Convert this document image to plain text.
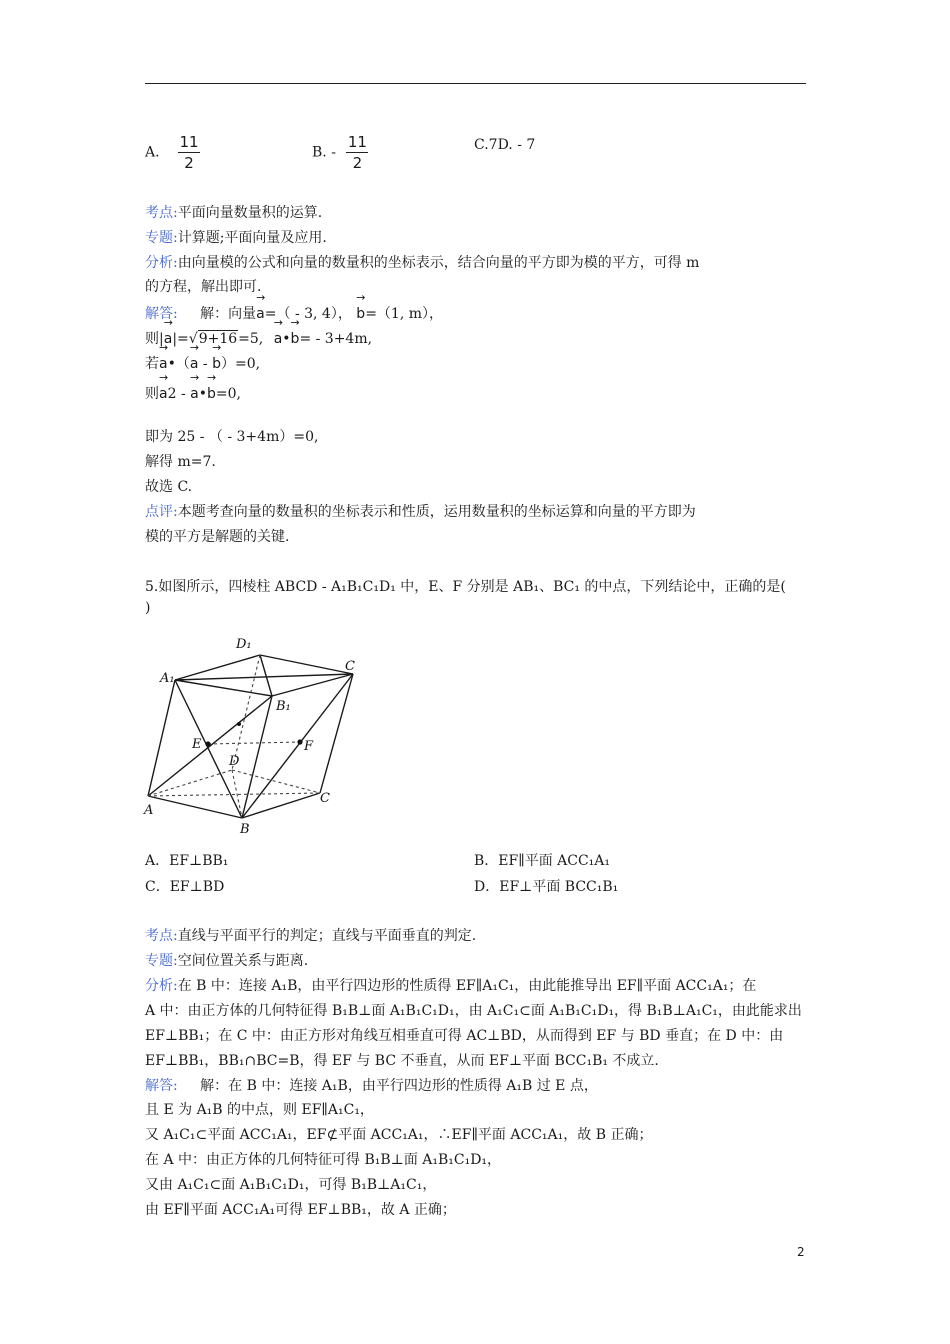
A. $\frac{11}{2}$	B. - $\frac{11}{2}$	C.7D. - 7
考点:平面向量数量积的运算.
专题:计算题;平面向量及应用.
分析:由向量模的公式和向量的数量积的坐标表示，结合向量的平方即为模的平方，可得 m
的方程，解出即可.
解答: 解：向量→ a=（ - 3, 4）， → b=（1, m），
则|→ a|=√9+16=5, → a•→ b= - 3+4m,
若→ a•（→ a - → b）=0,
则→ a2 - → a•→ b=0,
即为 25 - （ - 3+4m）=0,
解得 m=7.
故选 C.
点评:本题考查向量的数量积的坐标表示和性质，运用数量积的坐标运算和向量的平方即为
模的平方是解题的关键.
5.如图所示，四棱柱 ABCD - A₁B₁C₁D₁ 中，E、F 分别是 AB₁、BC₁ 的中点，下列结论中，正确的是(
)
D₁
C
A₁
B₁
E	F
D
A
B
C
A．EF⊥BB₁	B．EF∥平面 ACC₁A₁
C．EF⊥BD	D．EF⊥平面 BCC₁B₁
考点:直线与平面平行的判定；直线与平面垂直的判定.
专题:空间位置关系与距离.
分析:在 B 中：连接 A₁B，由平行四边形的性质得 EF∥A₁C₁，由此能推导出 EF∥平面 ACC₁A₁；在
A 中：由正方体的几何特征得 B₁B⊥面 A₁B₁C₁D₁，由 A₁C₁⊂面 A₁B₁C₁D₁，得 B₁B⊥A₁C₁，由此能求出
EF⊥BB₁；在 C 中：由正方形对角线互相垂直可得 AC⊥BD，从而得到 EF 与 BD 垂直；在 D 中：由
EF⊥BB₁，BB₁∩BC=B，得 EF 与 BC 不垂直，从而 EF⊥平面 BCC₁B₁ 不成立.
解答: 解：在 B 中：连接 A₁B，由平行四边形的性质得 A₁B 过 E 点，
且 E 为 A₁B 的中点，则 EF∥A₁C₁，
又 A₁C₁⊂平面 ACC₁A₁，EF⊄平面 ACC₁A₁，∴EF∥平面 ACC₁A₁，故 B 正确；
在 A 中：由正方体的几何特征可得 B₁B⊥面 A₁B₁C₁D₁，
又由 A₁C₁⊂面 A₁B₁C₁D₁，可得 B₁B⊥A₁C₁，
由 EF∥平面 ACC₁A₁可得 EF⊥BB₁，故 A 正确；
2
